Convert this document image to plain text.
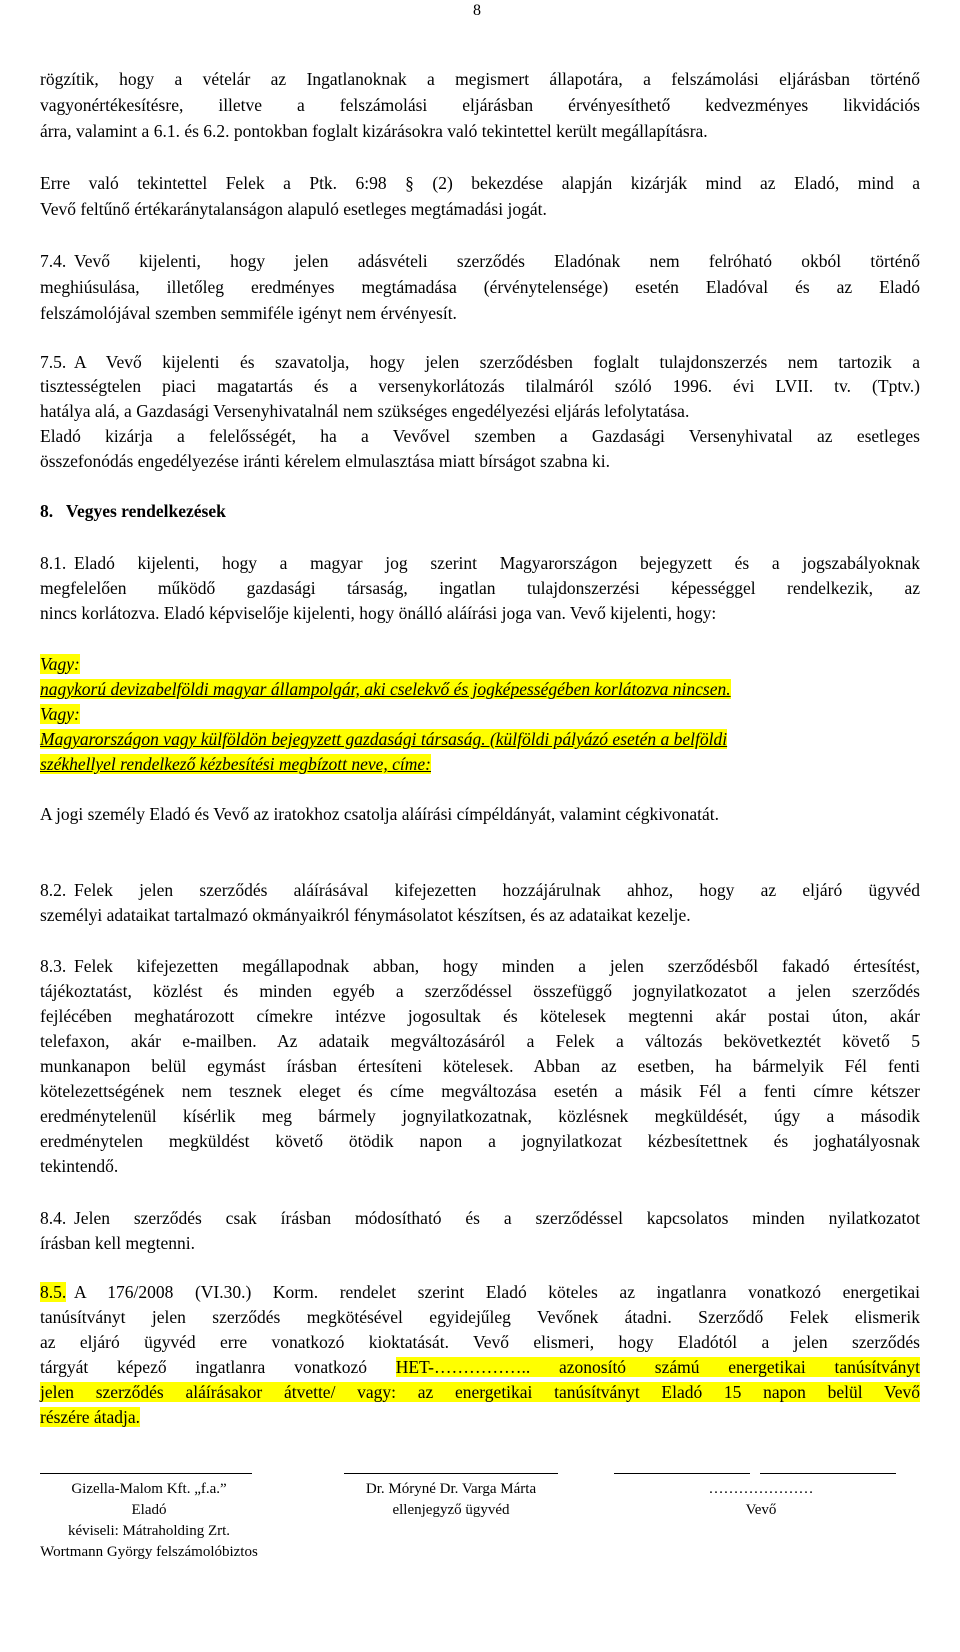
8
rögzítik, hogy a vételár az Ingatlanoknak a megismert állapotára, a felszámolási eljárásban történő
vagyonértékesítésre, illetve a felszámolási eljárásban érvényesíthető kedvezményes likvidációs
árra, valamint a 6.1. és 6.2. pontokban foglalt kizárásokra való tekintettel került megállapításra.
Erre való tekintettel Felek a Ptk. 6:98 § (2) bekezdése alapján kizárják mind az Eladó, mind a
Vevő feltűnő értékaránytalanságon alapuló esetleges megtámadási jogát.
7.4. Vevő kijelenti, hogy jelen adásvételi szerződés Eladónak nem felróható okból történő
meghiúsulása, illetőleg eredményes megtámadása (érvénytelensége) esetén Eladóval és az Eladó
felszámolójával szemben semmiféle igényt nem érvényesít.
7.5. A Vevő kijelenti és szavatolja, hogy jelen szerződésben foglalt tulajdonszerzés nem tartozik a
tisztességtelen piaci magatartás és a versenykorlátozás tilalmáról szóló 1996. évi LVII. tv. (Tptv.)
hatálya alá, a Gazdasági Versenyhivatalnál nem szükséges engedélyezési eljárás lefolytatása.
Eladó kizárja a felelősségét, ha a Vevővel szemben a Gazdasági Versenyhivatal az esetleges
összefonódás engedélyezése iránti kérelem elmulasztása miatt bírságot szabna ki.
8.   Vegyes rendelkezések
8.1. Eladó kijelenti, hogy a magyar jog szerint Magyarországon bejegyzett és a jogszabályoknak
megfelelően működő gazdasági társaság, ingatlan tulajdonszerzési képességgel rendelkezik, az
nincs korlátozva. Eladó képviselője kijelenti, hogy önálló aláírási joga van. Vevő kijelenti, hogy:
Vagy:
nagykorú devizabelföldi magyar állampolgár, aki cselekvő és jogképességében korlátozva nincsen.
Vagy:
Magyarországon vagy külföldön bejegyzett gazdasági társaság. (külföldi pályázó esetén a belföldi
székhellyel rendelkező kézbesítési megbízott neve, címe:
A jogi személy Eladó és Vevő az iratokhoz csatolja aláírási címpéldányát, valamint cégkivonatát.
8.2. Felek jelen szerződés aláírásával kifejezetten hozzájárulnak ahhoz, hogy az eljáró ügyvéd
személyi adataikat tartalmazó okmányaikról fénymásolatot készítsen, és az adataikat kezelje.
8.3. Felek kifejezetten megállapodnak abban, hogy minden a jelen szerződésből fakadó értesítést,
tájékoztatást, közlést és minden egyéb a szerződéssel összefüggő jognyilatkozatot a jelen szerződés
fejlécében meghatározott címekre intézve jogosultak és kötelesek megtenni akár postai úton, akár
telefaxon, akár e-mailben. Az adataik megváltozásáról a Felek a változás bekövetkeztét követő 5
munkanapon belül egymást írásban értesíteni kötelesek. Abban az esetben, ha bármelyik Fél fenti
kötelezettségének nem tesznek eleget és címe megváltozása esetén a másik Fél a fenti címre kétszer
eredménytelenül kísérlik meg bármely jognyilatkozatnak, közlésnek megküldését, úgy a második
eredménytelen megküldést követő ötödik napon a jognyilatkozat kézbesítettnek és joghatályosnak
tekintendő.
8.4. Jelen szerződés csak írásban módosítható és a szerződéssel kapcsolatos minden nyilatkozatot
írásban kell megtenni.
8.5. A 176/2008 (VI.30.) Korm. rendelet szerint Eladó köteles az ingatlanra vonatkozó energetikai
tanúsítványt jelen szerződés megkötésével egyidejűleg Vevőnek átadni. Szerződő Felek elismerik
az eljáró ügyvéd erre vonatkozó kioktatását. Vevő elismeri, hogy Eladótól a jelen szerződés
tárgyát képező ingatlanra vonatkozó HET-…………….. azonosító számú energetikai tanúsítványt
jelen szerződés aláírásakor átvette/ vagy: az energetikai tanúsítványt Eladó 15 napon belül Vevő
részére átadja.
Gizella-Malom Kft. „f.a.”
Eladó
kéviseli: Mátraholding Zrt.
Wortmann György felszámolóbiztos
Dr. Móryné Dr. Varga Márta
ellenjegyző ügyvéd
…………………
Vevő
